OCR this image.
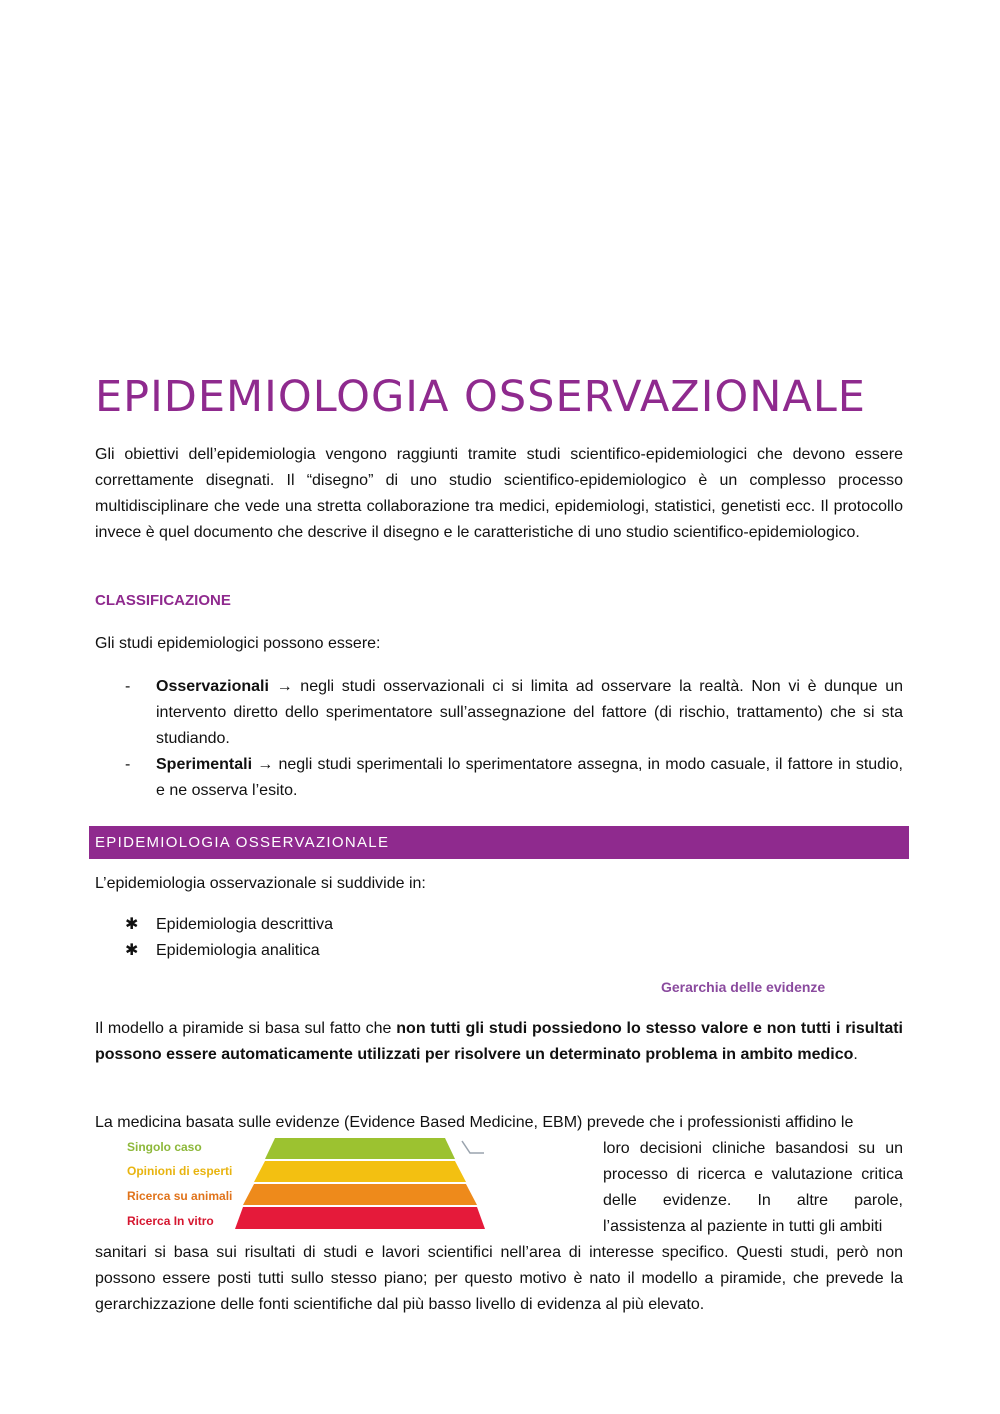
EPIDEMIOLOGIA OSSERVAZIONALE

Gli obiettivi dell’epidemiologia vengono raggiunti tramite studi scientifico-epidemiologici che devono essere correttamente disegnati. Il “disegno” di uno studio scientifico-epidemiologico è un complesso processo multidisciplinare che vede una stretta collaborazione tra medici, epidemiologi, statistici, genetisti ecc. Il protocollo invece è quel documento che descrive il disegno e le caratteristiche di uno studio scientifico-epidemiologico.

CLASSIFICAZIONE

Gli studi epidemiologici possono essere:

-	Osservazionali → negli studi osservazionali ci si limita ad osservare la realtà. Non vi è dunque un intervento diretto dello sperimentatore sull’assegnazione del fattore (di rischio, trattamento) che si sta studiando.
-	Sperimentali → negli studi sperimentali lo sperimentatore assegna, in modo casuale, il fattore in studio, e ne osserva l’esito.
EPIDEMIOLOGIA OSSERVAZIONALE

L’epidemiologia osservazionale si suddivide in:

✱	Epidemiologia descrittiva
✱	Epidemiologia analitica
Gerarchia delle evidenze

Il modello a piramide si basa sul fatto che non tutti gli studi possiedono lo stesso valore e non tutti i risultati possono essere automaticamente utilizzati per risolvere un determinato problema in ambito medico.

La medicina basata sulle evidenze (Evidence Based Medicine, EBM) prevede che i professionisti affidino le

Singolo caso
Opinioni di esperti
Ricerca su animali
Ricerca In vitro

loro decisioni cliniche basandosi su un
processo di ricerca e valutazione critica
delle evidenze. In altre parole,
l’assistenza al paziente in tutti gli ambiti

sanitari si basa sui risultati di studi e lavori scientifici nell’area di interesse specifico. Questi studi, però non possono essere posti tutti sullo stesso piano; per questo motivo è nato il modello a piramide, che prevede la gerarchizzazione delle fonti scientifiche dal più basso livello di evidenza al più elevato.
